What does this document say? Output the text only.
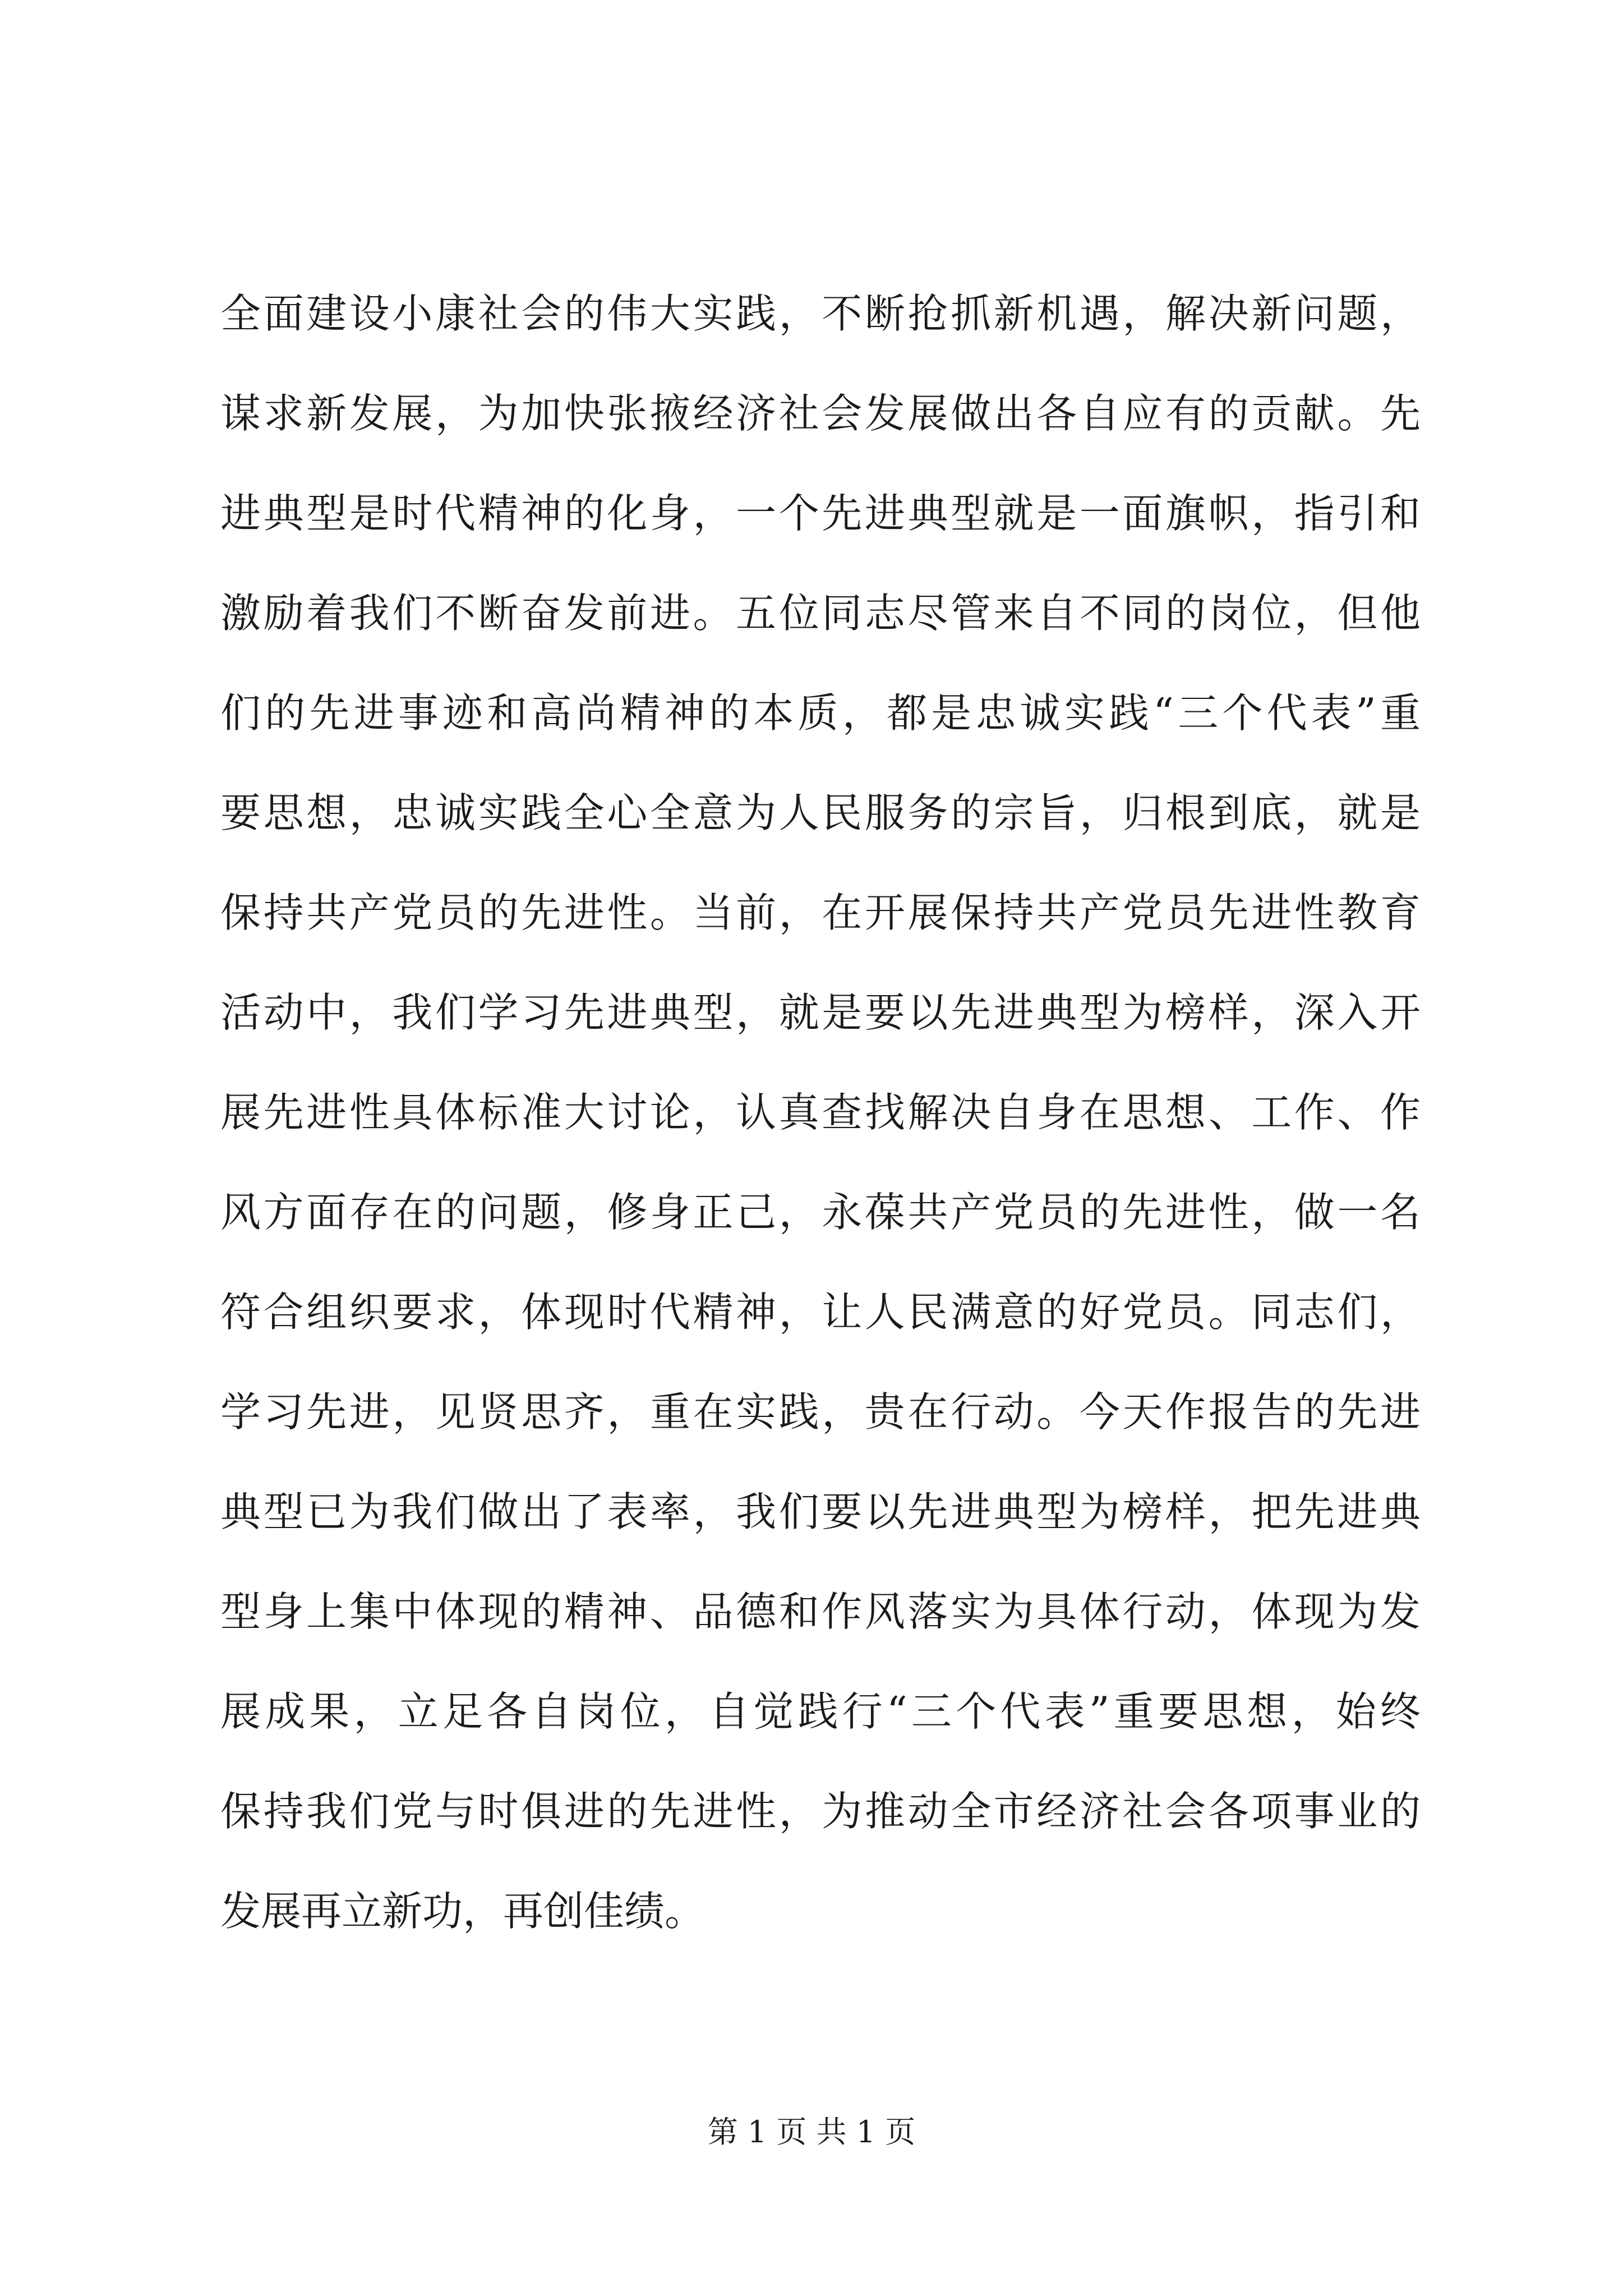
全面建设小康社会的伟大实践，不断抢抓新机遇，解决新问题，
谋求新发展，为加快张掖经济社会发展做出各自应有的贡献。先
进典型是时代精神的化身，一个先进典型就是一面旗帜，指引和
激励着我们不断奋发前进。五位同志尽管来自不同的岗位，但他
们的先进事迹和高尚精神的本质，都是忠诚实践“三个代表”重
要思想，忠诚实践全心全意为人民服务的宗旨，归根到底，就是
保持共产党员的先进性。当前，在开展保持共产党员先进性教育
活动中，我们学习先进典型，就是要以先进典型为榜样，深入开
展先进性具体标准大讨论，认真查找解决自身在思想、工作、作
风方面存在的问题，修身正己，永葆共产党员的先进性，做一名
符合组织要求，体现时代精神，让人民满意的好党员。同志们，
学习先进，见贤思齐，重在实践，贵在行动。今天作报告的先进
典型已为我们做出了表率，我们要以先进典型为榜样，把先进典
型身上集中体现的精神、品德和作风落实为具体行动，体现为发
展成果，立足各自岗位，自觉践行“三个代表”重要思想，始终
保持我们党与时俱进的先进性，为推动全市经济社会各项事业的
发展再立新功，再创佳绩。
第 1 页 共 1 页
